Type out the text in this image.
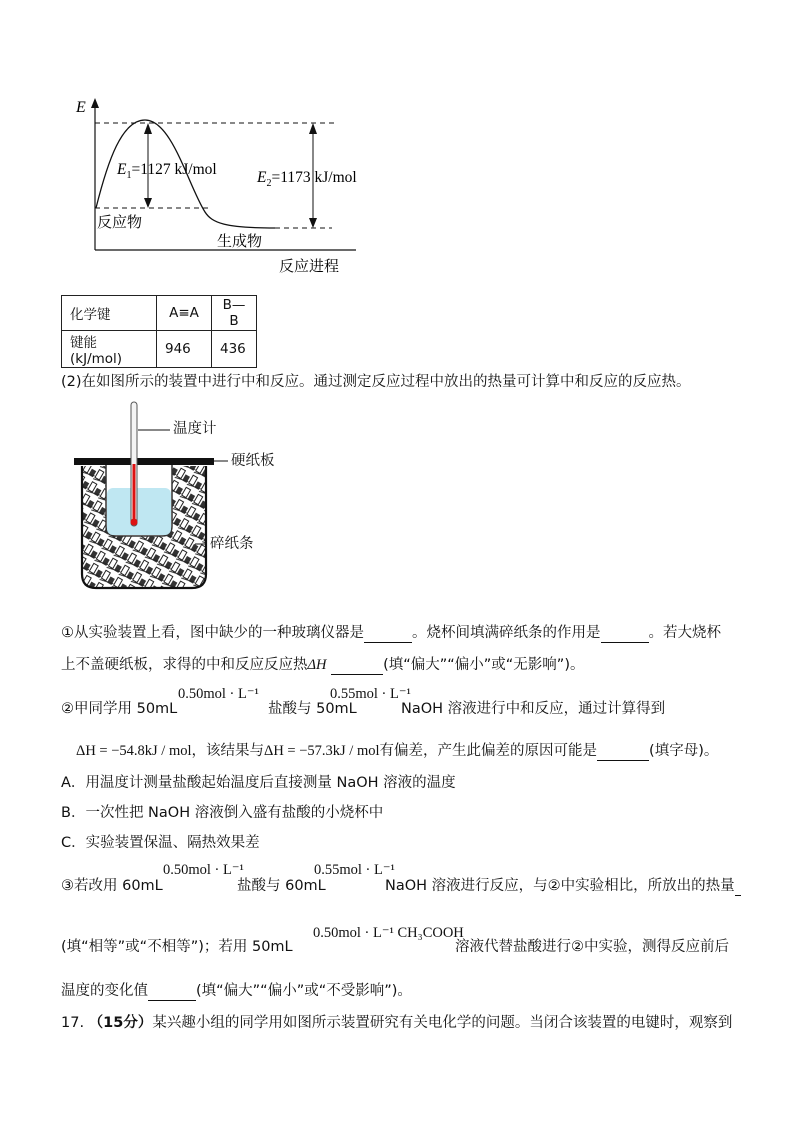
E
$E_1=1127$ kJ/mol	$E_2=1173$ kJ/mol
反应物
生成物
反应进程
化学键	A≡A	B—B
键能(kJ/mol)	946	436
(2)在如图所示的装置中进行中和反应。通过测定反应过程中放出的热量可计算中和反应的反应热。
温度计
硬纸板
碎纸条
①从实验装置上看，图中缺少的一种玻璃仪器是	。烧杯间填满碎纸条的作用是	。若大烧杯
上不盖硬纸板，求得的中和反应反应热ΔH	(填“偏大”“偏小”或“无影响”)。
②甲同学用 50mL
0.50mol · L⁻¹
盐酸与 50mL
0.55mol · L⁻¹
NaOH 溶液进行中和反应，通过计算得到
ΔH = −54.8kJ / mol，该结果与ΔH = −57.3kJ / mol有偏差，产生此偏差的原因可能是	(填字母)。
A．用温度计测量盐酸起始温度后直接测量 NaOH 溶液的温度
B．一次性把 NaOH 溶液倒入盛有盐酸的小烧杯中
C．实验装置保温、隔热效果差
③若改用 60mL
0.50mol · L⁻¹
盐酸与 60mL
0.55mol · L⁻¹
NaOH 溶液进行反应，与②中实验相比，所放出的热量
(填“相等”或“不相等”)；若用 50mL
0.50mol · L⁻¹ CH₃COOH
溶液代替盐酸进行②中实验，测得反应前后
温度的变化值	(填“偏大”“偏小”或“不受影响”)。
17. （15分）某兴趣小组的同学用如图所示装置研究有关电化学的问题。当闭合该装置的电键时，观察到
